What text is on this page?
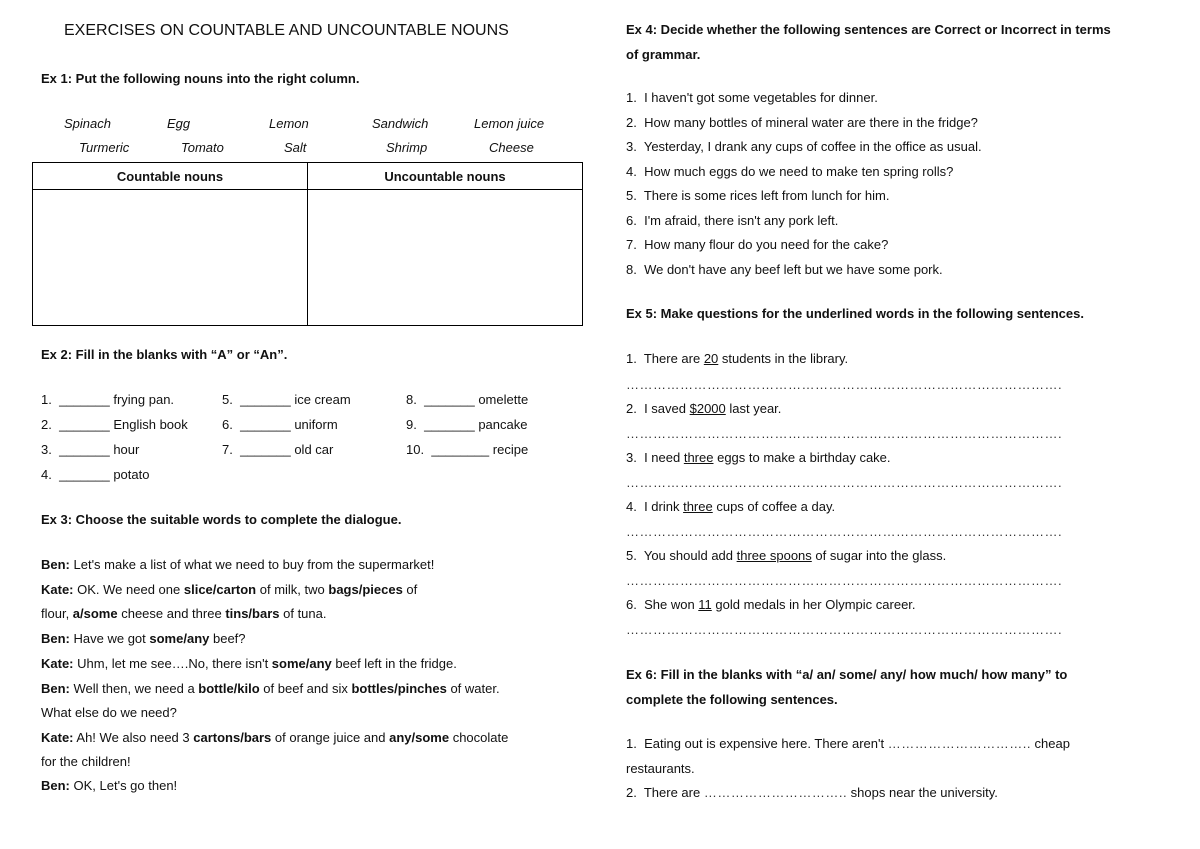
EXERCISES ON COUNTABLE AND UNCOUNTABLE NOUNS
Ex 1: Put the following nouns into the right column.
Spinach	Egg	Lemon	Sandwich	Lemon juice
Turmeric	Tomato	Salt	Shrimp	Cheese
Countable nouns	Uncountable nouns

Ex 2: Fill in the blanks with “A” or “An”.
1. _______ frying pan.
2. _______ English book
3. _______ hour
4. _______ potato
5. _______ ice cream
6. _______ uniform
7. _______ old car
8. _______ omelette
9. _______ pancake
10. ________ recipe
Ex 3: Choose the suitable words to complete the dialogue.
Ben: Let's make a list of what we need to buy from the supermarket!
Kate: OK. We need one slice/carton of milk, two bags/pieces of
flour, a/some cheese and three tins/bars of tuna.
Ben: Have we got some/any beef?
Kate: Uhm, let me see….No, there isn't some/any beef left in the fridge.
Ben: Well then, we need a bottle/kilo of beef and six bottles/pinches of water.
What else do we need?
Kate: Ah! We also need 3 cartons/bars of orange juice and any/some chocolate
for the children!
Ben: OK, Let's go then!
Ex 4: Decide whether the following sentences are Correct or Incorrect in terms
of grammar.
1. I haven't got some vegetables for dinner.
2. How many bottles of mineral water are there in the fridge?
3. Yesterday, I drank any cups of coffee in the office as usual.
4. How much eggs do we need to make ten spring rolls?
5. There is some rices left from lunch for him.
6. I'm afraid, there isn't any pork left.
7. How many flour do you need for the cake?
8. We don't have any beef left but we have some pork.
Ex 5: Make questions for the underlined words in the following sentences.
1. There are 20 students in the library.
…………………………………………………………………………………….
2. I saved $2000 last year.
…………………………………………………………………………………….
3. I need three eggs to make a birthday cake.
…………………………………………………………………………………….
4. I drink three cups of coffee a day.
…………………………………………………………………………………….
5. You should add three spoons of sugar into the glass.
…………………………………………………………………………………….
6. She won 11 gold medals in her Olympic career.
…………………………………………………………………………………….
Ex 6: Fill in the blanks with “a/ an/ some/ any/ how much/ how many” to
complete the following sentences.
1. Eating out is expensive here. There aren't ………………………….. cheap
restaurants.
2. There are ………………………….. shops near the university.
